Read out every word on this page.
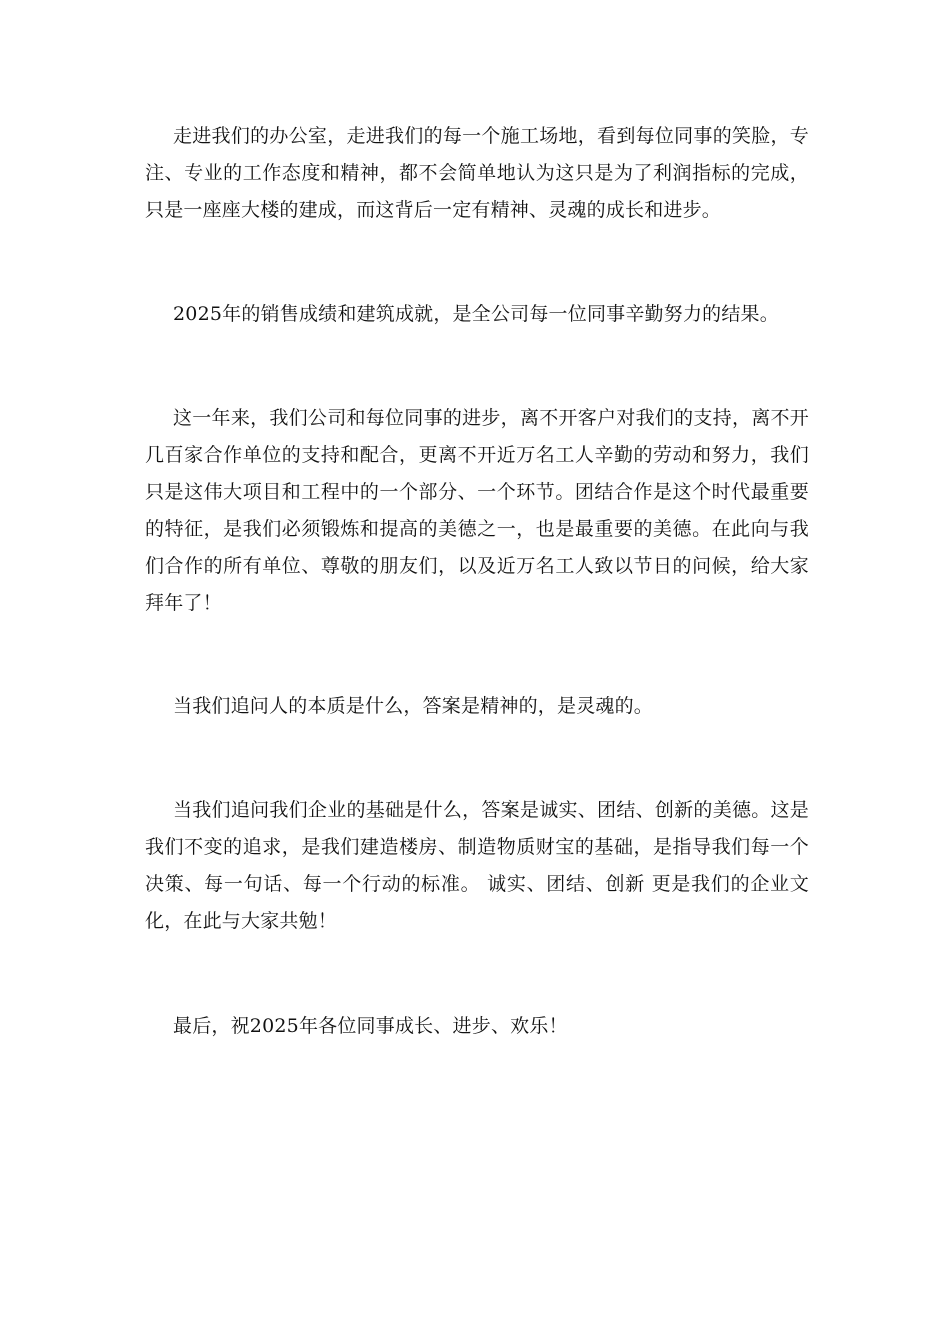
走进我们的办公室，走进我们的每一个施工场地，看到每位同事的笑脸，专注、专业的工作态度和精神，都不会简单地认为这只是为了利润指标的完成，只是一座座大楼的建成，而这背后一定有精神、灵魂的成长和进步。

2025年的销售成绩和建筑成就，是全公司每一位同事辛勤努力的结果。

这一年来，我们公司和每位同事的进步，离不开客户对我们的支持，离不开几百家合作单位的支持和配合，更离不开近万名工人辛勤的劳动和努力，我们只是这伟大项目和工程中的一个部分、一个环节。团结合作是这个时代最重要的特征，是我们必须锻炼和提高的美德之一，也是最重要的美德。在此向与我们合作的所有单位、尊敬的朋友们，以及近万名工人致以节日的问候，给大家拜年了！

当我们追问人的本质是什么，答案是精神的，是灵魂的。

当我们追问我们企业的基础是什么，答案是诚实、团结、创新的美德。这是我们不变的追求，是我们建造楼房、制造物质财宝的基础，是指导我们每一个决策、每一句话、每一个行动的标准。 诚实、团结、创新 更是我们的企业文化，在此与大家共勉！

最后，祝2025年各位同事成长、进步、欢乐！
